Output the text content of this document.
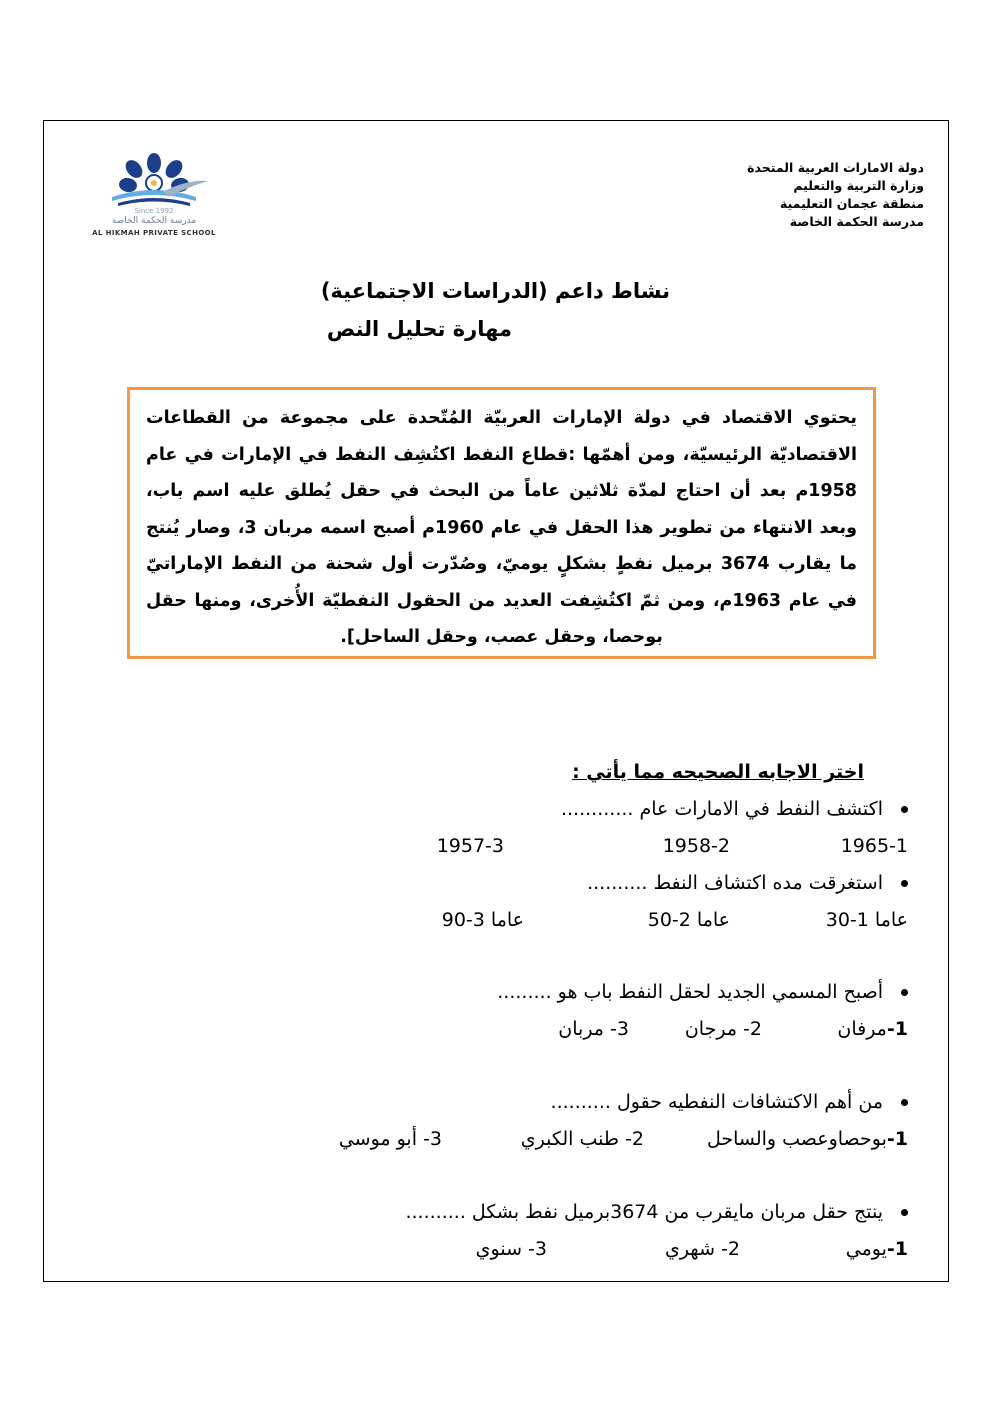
دولة الامارات العربية المتحدة
وزارة التربية والتعليم
منطقة عجمان التعليمية
مدرسة الحكمة الخاصة
Since 1992
مدرسة الحكمة الخاصة
AL HIKMAH PRIVATE SCHOOL
نشاط داعم (الدراسات الاجتماعية)
مهارة تحليل النص
يحتوي الاقتصاد في دولة الإمارات العربيّة المُتّحدة على مجموعة من القطاعات الاقتصاديّة الرئيسيّة، ومن أهمّها :قطاع النفط اكتُشِف النفط في الإمارات في عام 1958م بعد أن احتاج لمدّة ثلاثين عاماً من البحث في حقل يُطلق عليه اسم باب، وبعد الانتهاء من تطوير هذا الحقل في عام 1960م أصبح اسمه مربان 3، وصار يُنتج ما يقارب 3674 برميل نفطٍ بشكلٍ يوميّ، وصُدّرت أول شحنة من النفط الإماراتيّ في عام 1963م، ومن ثمّ اكتُشِفت العديد من الحقول النفطيّة الأُخرى، ومنها حقل بوحصا، وحقل عصب، وحقل الساحل].
اختر الاجابه الصحيحه مما يأتي :
اكتشف النفط في الامارات عام ............
1965-1
1958-2
1957-3
استغرقت مده اكتشاف النفط ..........
30-1 عاما
50-2 عاما
90-3 عاما
أصبح المسمي الجديد لحقل النفط باب هو .........
1-مرفان
2- مرجان
3- مربان
من أهم الاكتشافات النفطيه حقول ..........
1-بوحصاوعصب والساحل
2- طنب الكبري
3- أبو موسي
ينتج حقل مربان مايقرب من 3674برميل نفط بشكل ..........
1-يومي
2- شهري
3- سنوي
